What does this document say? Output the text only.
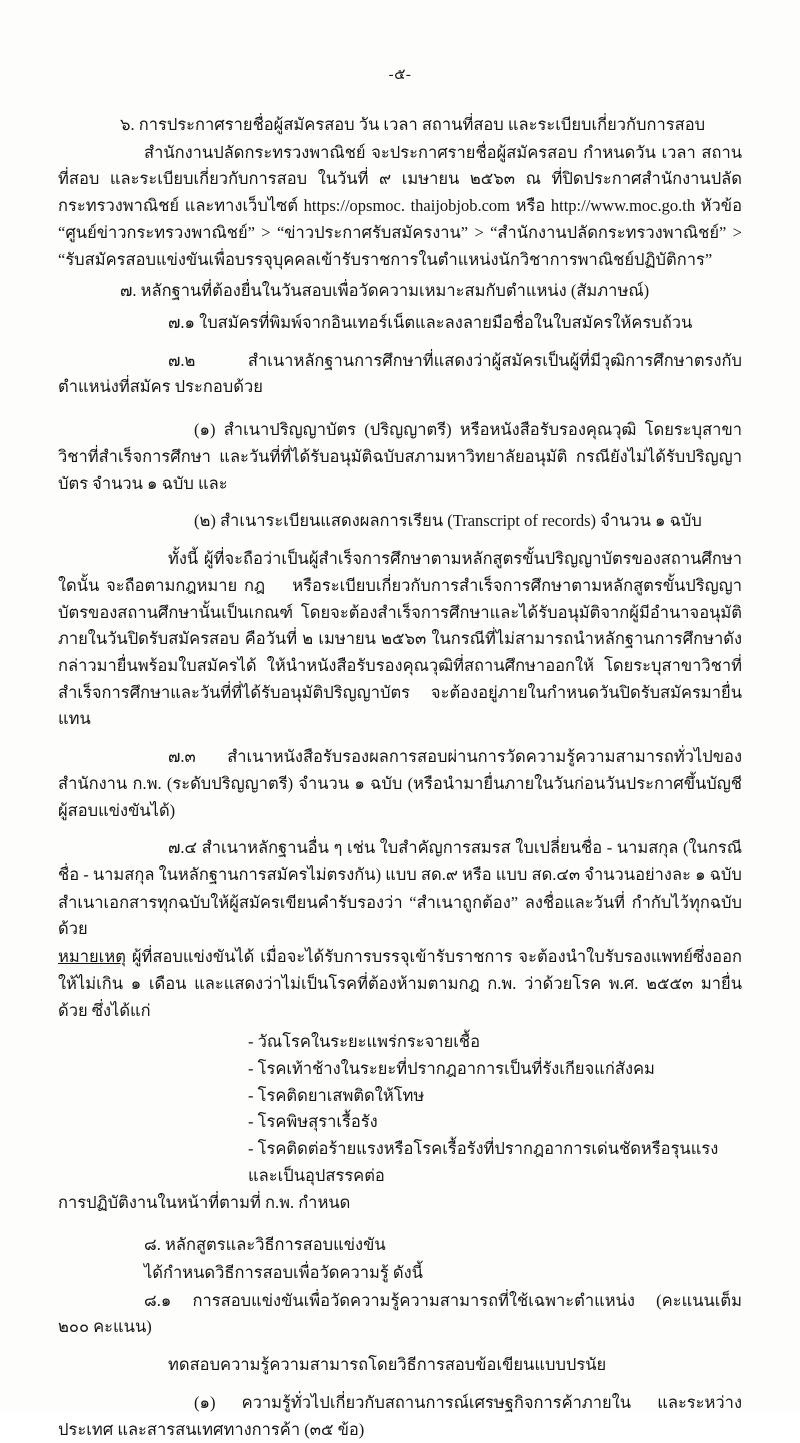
-๕-

๖. การประกาศรายชื่อผู้สมัครสอบ วัน เวลา สถานที่สอบ และระเบียบเกี่ยวกับการสอบ

สำนักงานปลัดกระทรวงพาณิชย์ จะประกาศรายชื่อผู้สมัครสอบ กำหนดวัน เวลา สถานที่สอบ และระเบียบเกี่ยวกับการสอบ ในวันที่ ๙ เมษายน ๒๕๖๓ ณ ที่ปิดประกาศสำนักงานปลัดกระทรวงพาณิชย์ และทางเว็บไซต์ https://opsmoc. thaijobjob.com หรือ http://www.moc.go.th หัวข้อ “ศูนย์ข่าวกระทรวงพาณิชย์” > “ข่าวประกาศรับสมัครงาน” > “สำนักงานปลัดกระทรวงพาณิชย์” > “รับสมัครสอบแข่งขันเพื่อบรรจุบุคคลเข้ารับราชการในตำแหน่งนักวิชาการพาณิชย์ปฏิบัติการ”

๗. หลักฐานที่ต้องยื่นในวันสอบเพื่อวัดความเหมาะสมกับตำแหน่ง (สัมภาษณ์)

๗.๑ ใบสมัครที่พิมพ์จากอินเทอร์เน็ตและลงลายมือชื่อในใบสมัครให้ครบถ้วน

๗.๒  สำเนาหลักฐานการศึกษาที่แสดงว่าผู้สมัครเป็นผู้ที่มีวุฒิการศึกษาตรงกับตำแหน่งที่สมัคร ประกอบด้วย

(๑) สำเนาปริญญาบัตร (ปริญญาตรี) หรือหนังสือรับรองคุณวุฒิ โดยระบุสาขาวิชาที่สำเร็จการศึกษา และวันที่ที่ได้รับอนุมัติฉบับสภามหาวิทยาลัยอนุมัติ กรณียังไม่ได้รับปริญญาบัตร จำนวน ๑ ฉบับ และ

(๒) สำเนาระเบียนแสดงผลการเรียน (Transcript of records) จำนวน ๑ ฉบับ

ทั้งนี้ ผู้ที่จะถือว่าเป็นผู้สำเร็จการศึกษาตามหลักสูตรขั้นปริญญาบัตรของสถานศึกษาใดนั้น จะถือตามกฎหมาย กฎ    หรือระเบียบเกี่ยวกับการสำเร็จการศึกษาตามหลักสูตรขั้นปริญญาบัตรของสถานศึกษานั้นเป็นเกณฑ์ โดยจะต้องสำเร็จการศึกษาและได้รับอนุมัติจากผู้มีอำนาจอนุมัติภายในวันปิดรับสมัครสอบ คือวันที่ ๒ เมษายน ๒๕๖๓ ในกรณีที่ไม่สามารถนำหลักฐานการศึกษาดังกล่าวมายื่นพร้อมใบสมัครได้ ให้นำหนังสือรับรองคุณวุฒิที่สถานศึกษาออกให้ โดยระบุสาขาวิชาที่สำเร็จการศึกษาและวันที่ที่ได้รับอนุมัติปริญญาบัตร จะต้องอยู่ภายในกำหนดวันปิดรับสมัครมายื่นแทน

๗.๓ สำเนาหนังสือรับรองผลการสอบผ่านการวัดความรู้ความสามารถทั่วไปของสำนักงาน ก.พ. (ระดับปริญญาตรี) จำนวน ๑ ฉบับ (หรือนำมายื่นภายในวันก่อนวันประกาศขึ้นบัญชีผู้สอบแข่งขันได้)

๗.๔ สำเนาหลักฐานอื่น ๆ เช่น ใบสำคัญการสมรส ใบเปลี่ยนชื่อ - นามสกุล (ในกรณีชื่อ - นามสกุล ในหลักฐานการสมัครไม่ตรงกัน) แบบ สด.๙ หรือ แบบ สด.๔๓ จำนวนอย่างละ ๑ ฉบับ

สำเนาเอกสารทุกฉบับให้ผู้สมัครเขียนคำรับรองว่า “สำเนาถูกต้อง” ลงชื่อและวันที่ กำกับไว้ทุกฉบับด้วย

หมายเหตุ ผู้ที่สอบแข่งขันได้ เมื่อจะได้รับการบรรจุเข้ารับราชการ จะต้องนำใบรับรองแพทย์ซึ่งออกให้ไม่เกิน ๑ เดือน และแสดงว่าไม่เป็นโรคที่ต้องห้ามตามกฎ ก.พ. ว่าด้วยโรค พ.ศ. ๒๕๕๓ มายื่นด้วย ซึ่งได้แก่

- วัณโรคในระยะแพร่กระจายเชื้อ

- โรคเท้าช้างในระยะที่ปรากฎอาการเป็นที่รังเกียจแก่สังคม

- โรคติดยาเสพติดให้โทษ

- โรคพิษสุราเรื้อรัง

- โรคติดต่อร้ายแรงหรือโรคเรื้อรังที่ปรากฎอาการเด่นชัดหรือรุนแรงและเป็นอุปสรรคต่อ

การปฏิบัติงานในหน้าที่ตามที่ ก.พ. กำหนด

๘. หลักสูตรและวิธีการสอบแข่งขัน

ได้กำหนดวิธีการสอบเพื่อวัดความรู้ ดังนี้

๘.๑ การสอบแข่งขันเพื่อวัดความรู้ความสามารถที่ใช้เฉพาะตำแหน่ง (คะแนนเต็ม ๒๐๐ คะแนน)

ทดสอบความรู้ความสามารถโดยวิธีการสอบข้อเขียนแบบปรนัย

(๑) ความรู้ทั่วไปเกี่ยวกับสถานการณ์เศรษฐกิจการค้าภายใน และระหว่างประเทศ และสารสนเทศทางการค้า (๓๕ ข้อ)
